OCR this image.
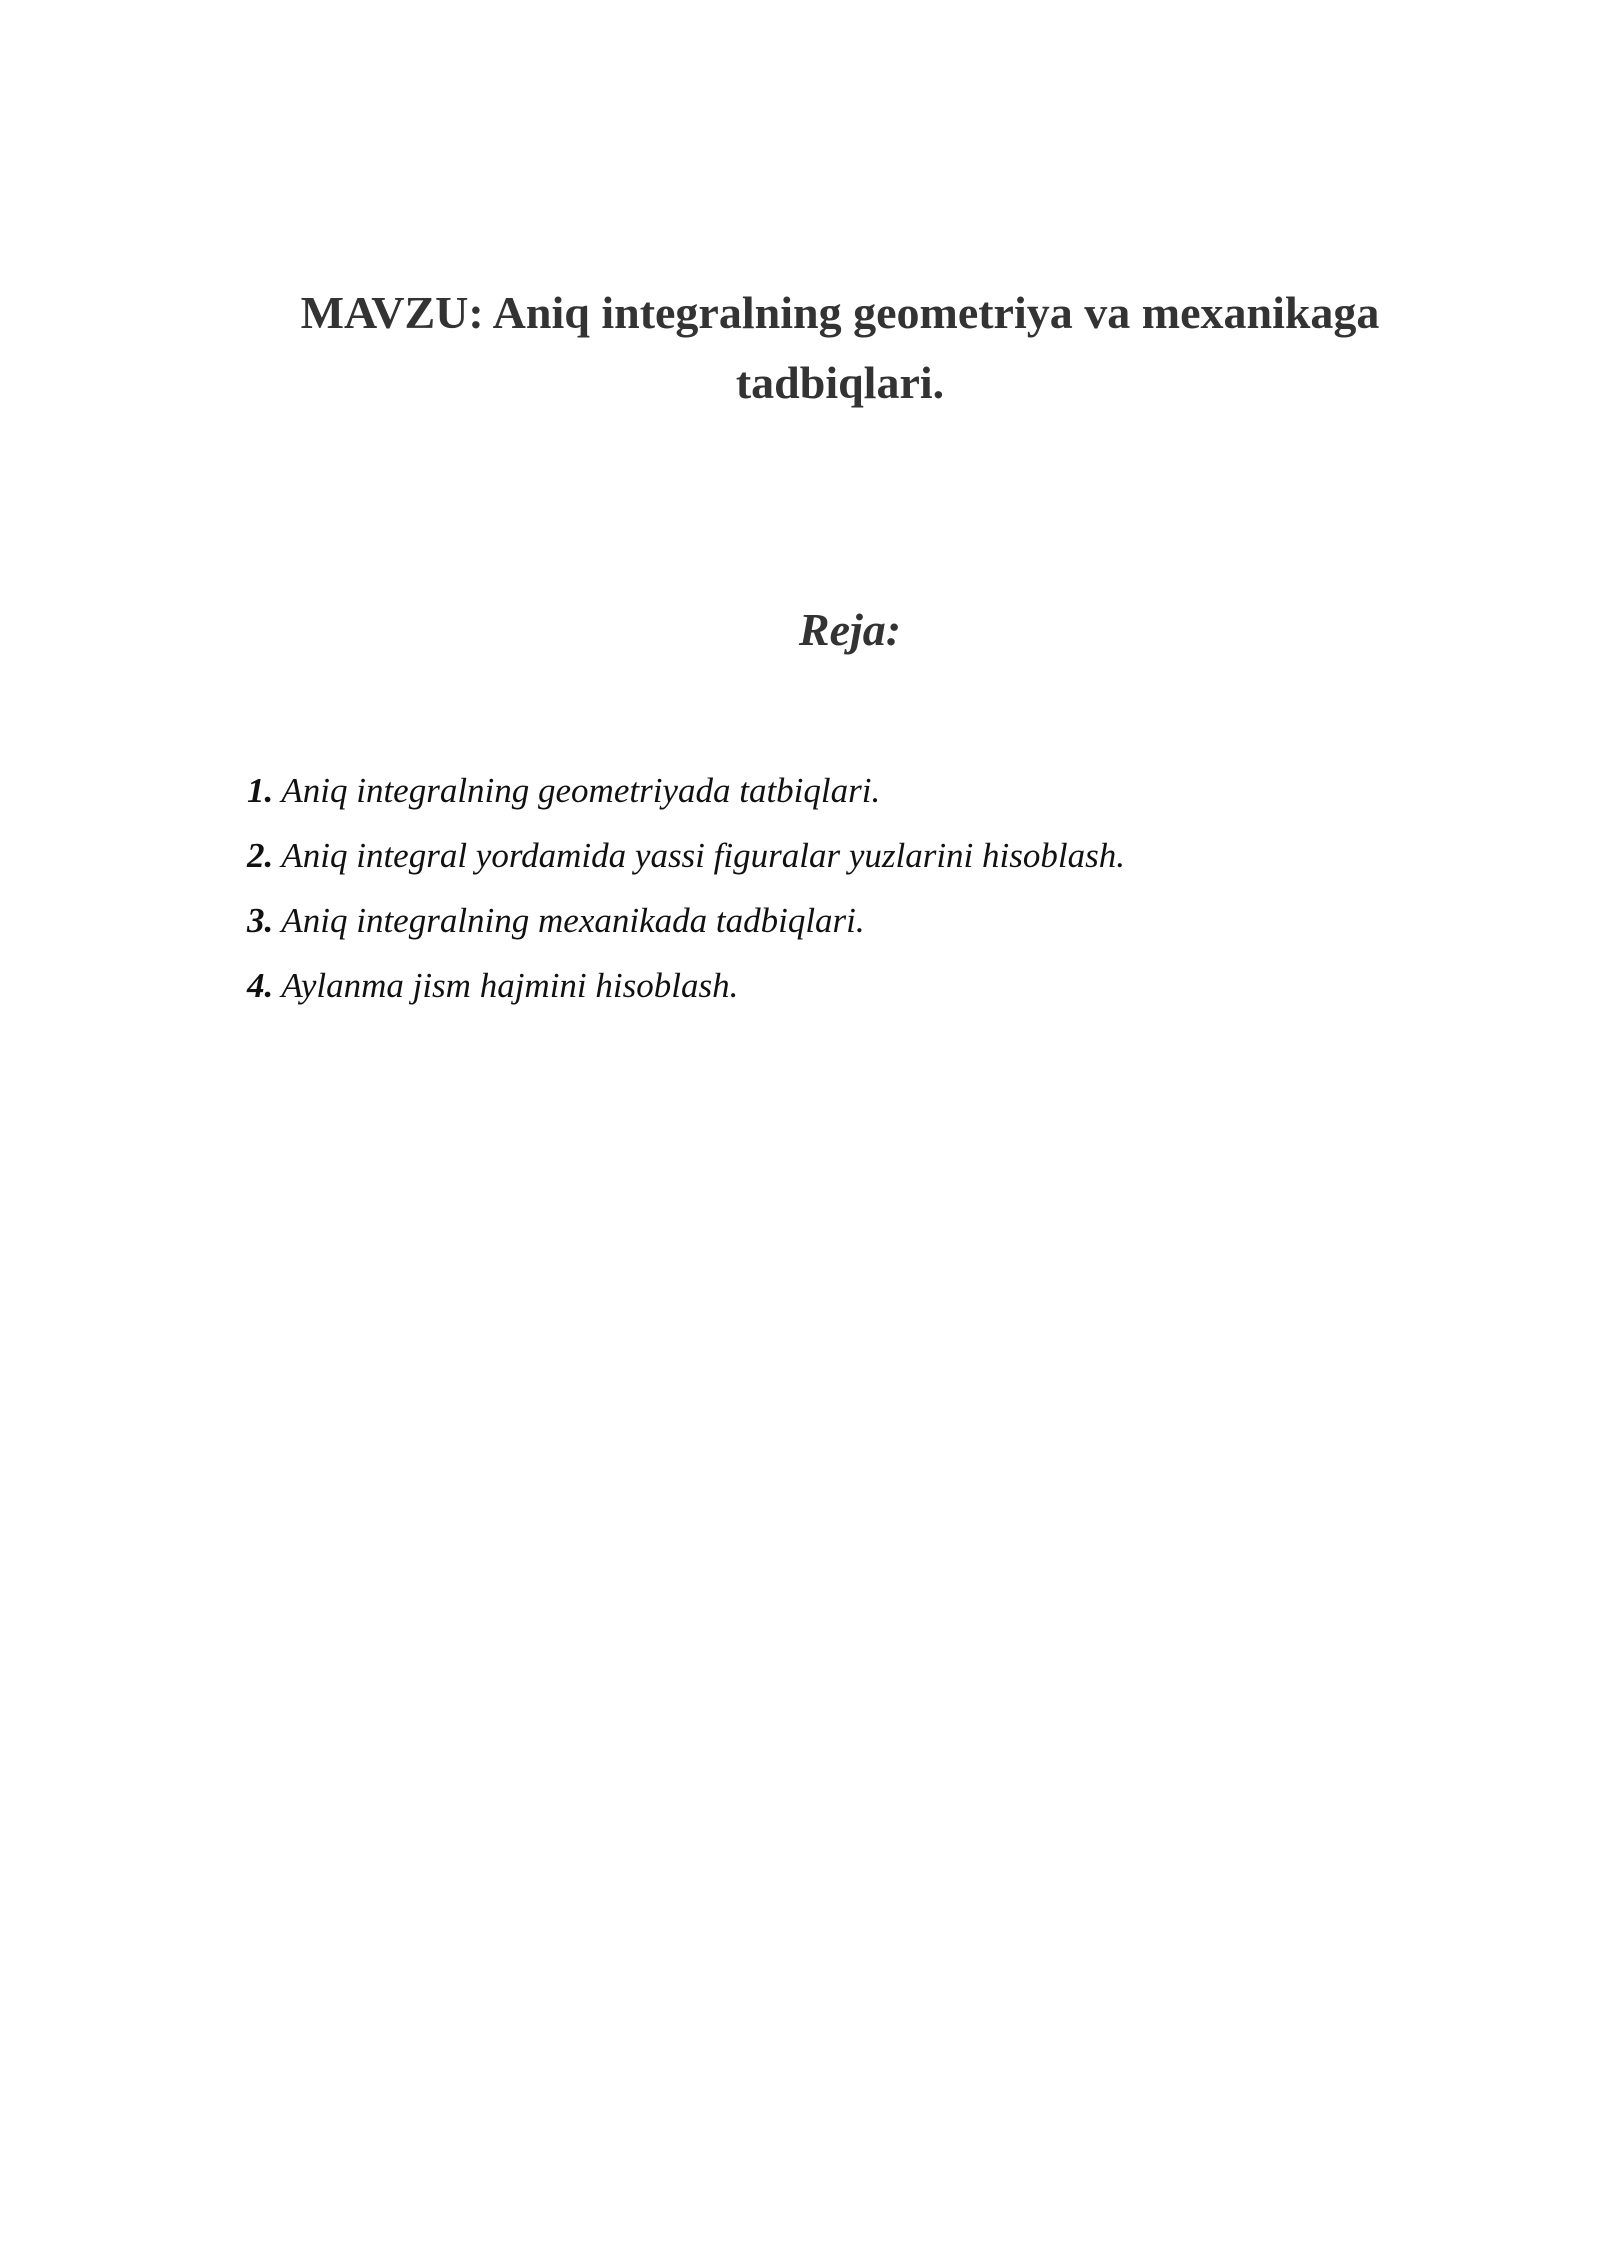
MAVZU: Aniq integralning geometriya va mexanikaga tadbiqlari.
Reja:
1. Aniq integralning geometriyada tatbiqlari.
2. Aniq integral yordamida yassi figuralar yuzlarini hisoblash.
3. Aniq integralning mexanikada tadbiqlari.
4. Aylanma jism hajmini hisoblash.
